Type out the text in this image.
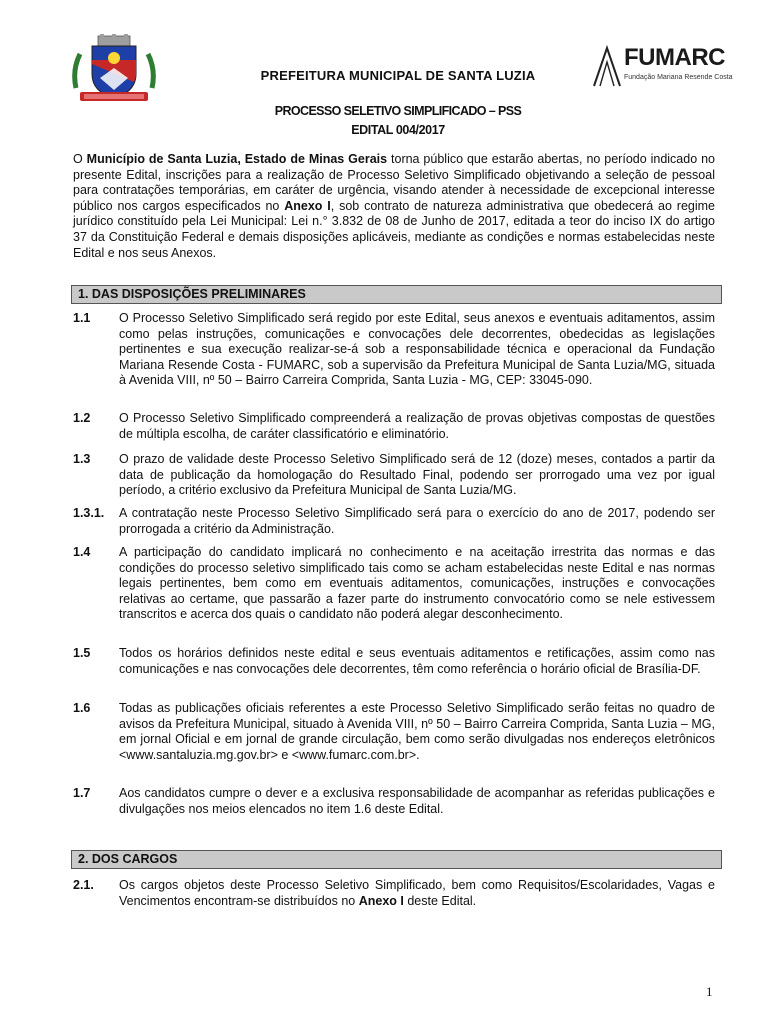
PREFEITURA MUNICIPAL DE SANTA LUZIA
FUMARC
Fundação Mariana Resende Costa
PROCESSO SELETIVO SIMPLIFICADO – PSS
EDITAL 004/2017
O Município de Santa Luzia, Estado de Minas Gerais torna público que estarão abertas, no período indicado no presente Edital, inscrições para a realização de Processo Seletivo Simplificado objetivando a seleção de pessoal para contratações temporárias, em caráter de urgência, visando atender à necessidade de excepcional interesse público nos cargos especificados no Anexo I, sob contrato de natureza administrativa que obedecerá ao regime jurídico constituído pela Lei Municipal: Lei n.° 3.832 de 08 de Junho de 2017, editada a teor do inciso IX do artigo 37 da Constituição Federal e demais disposições aplicáveis, mediante as condições e normas estabelecidas neste Edital e nos seus Anexos.
1. DAS DISPOSIÇÕES PRELIMINARES
1.1 O Processo Seletivo Simplificado será regido por este Edital, seus anexos e eventuais aditamentos, assim como pelas instruções, comunicações e convocações dele decorrentes, obedecidas as legislações pertinentes e sua execução realizar-se-á sob a responsabilidade técnica e operacional da Fundação Mariana Resende Costa - FUMARC, sob a supervisão da Prefeitura Municipal de Santa Luzia/MG, situada à Avenida VIII, nº 50 – Bairro Carreira Comprida, Santa Luzia - MG, CEP: 33045-090.
1.2 O Processo Seletivo Simplificado compreenderá a realização de provas objetivas compostas de questões de múltipla escolha, de caráter classificatório e eliminatório.
1.3 O prazo de validade deste Processo Seletivo Simplificado será de 12 (doze) meses, contados a partir da data de publicação da homologação do Resultado Final, podendo ser prorrogado uma vez por igual período, a critério exclusivo da Prefeitura Municipal de Santa Luzia/MG.
1.3.1. A contratação neste Processo Seletivo Simplificado será para o exercício do ano de 2017, podendo ser prorrogada a critério da Administração.
1.4 A participação do candidato implicará no conhecimento e na aceitação irrestrita das normas e das condições do processo seletivo simplificado tais como se acham estabelecidas neste Edital e nas normas legais pertinentes, bem como em eventuais aditamentos, comunicações, instruções e convocações relativas ao certame, que passarão a fazer parte do instrumento convocatório como se nele estivessem transcritos e acerca dos quais o candidato não poderá alegar desconhecimento.
1.5 Todos os horários definidos neste edital e seus eventuais aditamentos e retificações, assim como nas comunicações e nas convocações dele decorrentes, têm como referência o horário oficial de Brasília-DF.
1.6 Todas as publicações oficiais referentes a este Processo Seletivo Simplificado serão feitas no quadro de avisos da Prefeitura Municipal, situado à Avenida VIII, nº 50 – Bairro Carreira Comprida, Santa Luzia – MG, em jornal Oficial e em jornal de grande circulação, bem como serão divulgadas nos endereços eletrônicos <www.santaluzia.mg.gov.br> e <www.fumarc.com.br>.
1.7 Aos candidatos cumpre o dever e a exclusiva responsabilidade de acompanhar as referidas publicações e divulgações nos meios elencados no item 1.6 deste Edital.
2. DOS CARGOS
2.1. Os cargos objetos deste Processo Seletivo Simplificado, bem como Requisitos/Escolaridades, Vagas e Vencimentos encontram-se distribuídos no Anexo I deste Edital.
1
